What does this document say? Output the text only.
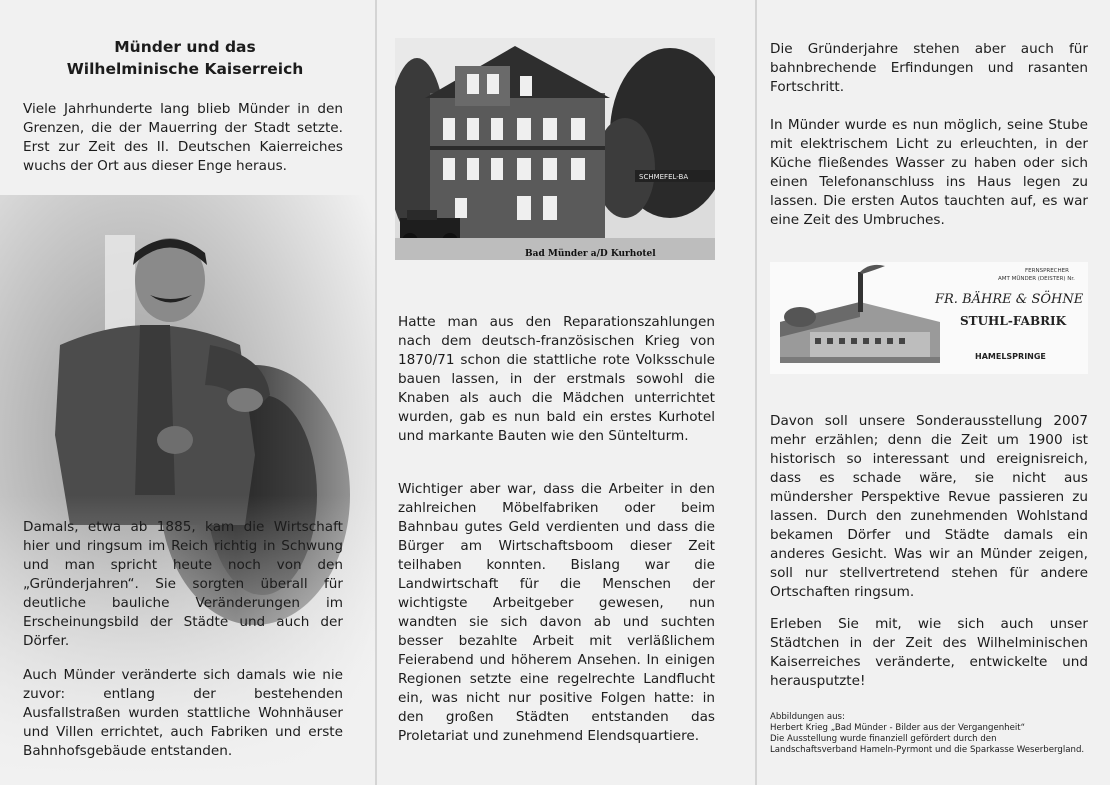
Münder und das
Wilhelminische Kaiserreich

Viele Jahrhunderte lang blieb Münder in den Grenzen, die der Mauerring der Stadt setzte. Erst zur Zeit des II. Deutschen Kaierreiches wuchs der Ort aus dieser Enge heraus.

Damals, etwa ab 1885, kam die Wirtschaft hier und ringsum im Reich richtig in Schwung und man spricht heute noch von den „Gründerjahren“. Sie sorgten überall für deutliche bauliche Veränderungen im Erscheinungsbild der Städte und auch der Dörfer.

Auch Münder veränderte sich damals wie nie zuvor: entlang der bestehenden Ausfallstraßen wurden stattliche Wohnhäuser und Villen errichtet, auch Fabriken und erste Bahnhofsgebäude entstanden.

SCHMEFEL-BA
Bad Münder a/D Kurhotel

Hatte man aus den Reparationszahlungen nach dem deutsch-französischen Krieg von 1870/71 schon die stattliche rote Volksschule bauen lassen, in der erstmals sowohl die Knaben als auch die Mädchen unterrichtet wurden, gab es nun bald ein erstes Kurhotel und markante Bauten wie den Süntelturm.

Wichtiger aber war, dass die Arbeiter in den zahlreichen Möbelfabriken oder beim Bahnbau gutes Geld verdienten und dass die Bürger am Wirtschaftsboom dieser Zeit teilhaben konnten. Bislang war die Landwirtschaft für die Menschen der wichtigste Arbeitgeber gewesen, nun wandten sie sich davon ab und suchten besser bezahlte Arbeit mit verläßlichem Feierabend und höherem Ansehen. In einigen Regionen setzte eine regelrechte Landflucht ein, was nicht nur positive Folgen hatte: in den großen Städten entstanden das Proletariat und zunehmend Elendsquartiere.

Die Gründerjahre stehen aber auch für bahnbrechende Erfindungen und rasanten Fortschritt.

In Münder wurde es nun möglich, seine Stube mit elektrischem Licht zu erleuchten, in der Küche fließendes Wasser zu haben oder sich einen Telefonanschluss ins Haus legen zu lassen. Die ersten Autos tauchten auf, es war eine Zeit des Umbruches.

FERNSPRECHER
AMT MÜNDER (DEISTER) Nr.
FR. BÄHRE & SÖHNE
STUHL-FABRIK
HAMELSPRINGE

Davon soll unsere Sonderausstellung 2007 mehr erzählen; denn die Zeit um 1900 ist historisch so interessant und ereignisreich, dass es schade wäre, sie nicht aus mündersher Perspektive Revue passieren zu lassen. Durch den zunehmenden Wohlstand bekamen Dörfer und Städte damals ein anderes Gesicht. Was wir an Münder zeigen, soll nur stellvertretend stehen für andere Ortschaften ringsum.

Erleben Sie mit, wie sich auch unser Städtchen in der Zeit des Wilhelminischen Kaiserreiches veränderte, entwickelte und herausputzte!

Abbildungen aus:
Herbert Krieg „Bad Münder - Bilder aus der Vergangenheit“
Die Ausstellung wurde finanziell gefördert durch den
Landschaftsverband Hameln-Pyrmont und die Sparkasse Weserbergland.
